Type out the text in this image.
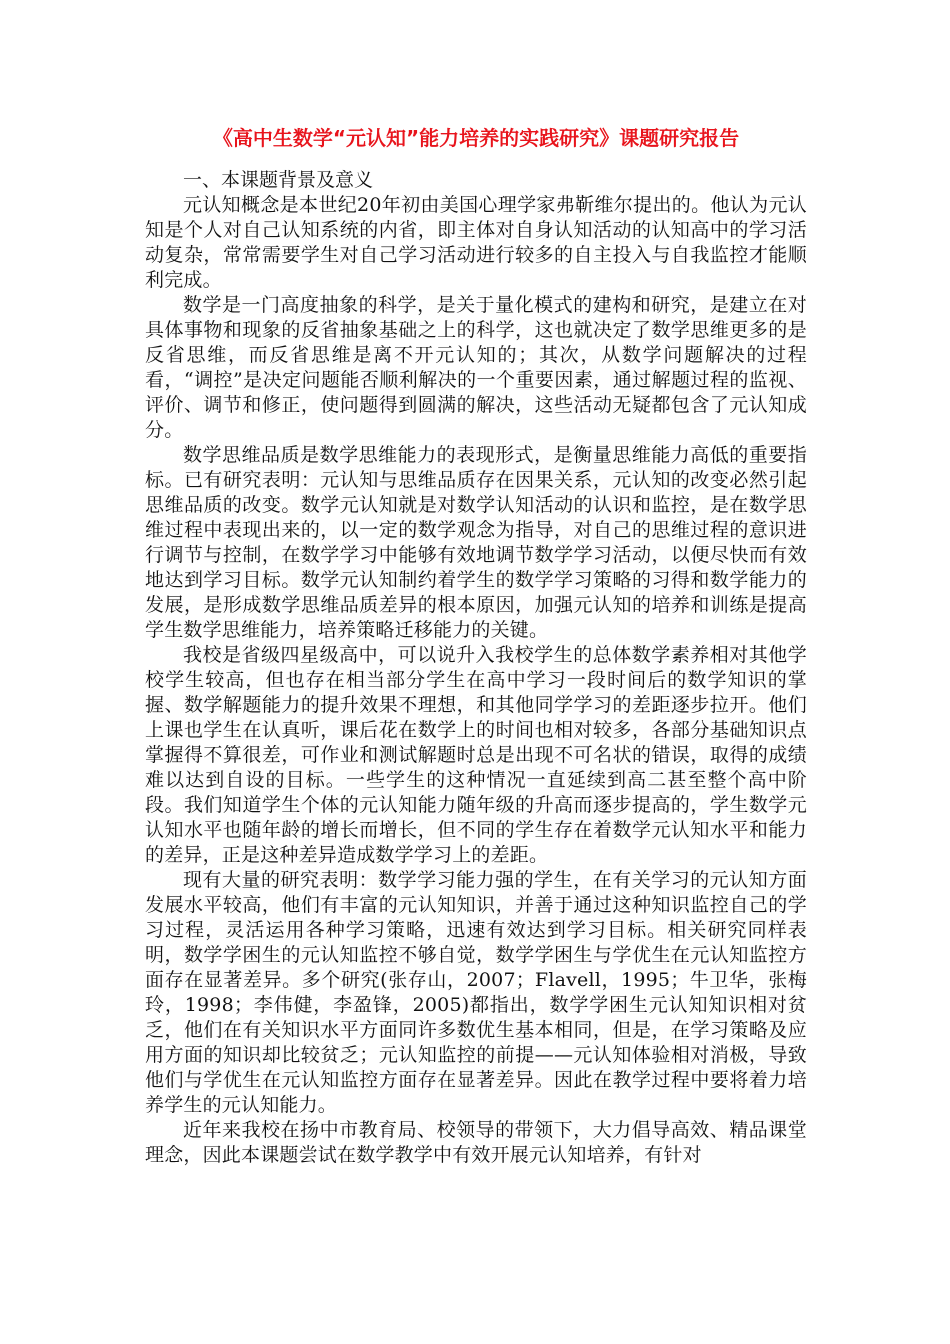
《高中生数学“元认知”能力培养的实践研究》课题研究报告

一、本课题背景及意义

元认知概念是本世纪20年初由美国心理学家弗靳维尔提出的。他认为元认知是个人对自己认知系统的内省，即主体对自身认知活动的认知高中的学习活动复杂，常常需要学生对自己学习活动进行较多的自主投入与自我监控才能顺利完成。

数学是一门高度抽象的科学，是关于量化模式的建构和研究，是建立在对具体事物和现象的反省抽象基础之上的科学，这也就决定了数学思维更多的是反省思维，而反省思维是离不开元认知的；其次，从数学问题解决的过程看，“调控”是决定问题能否顺利解决的一个重要因素，通过解题过程的监视、评价、调节和修正，使问题得到圆满的解决，这些活动无疑都包含了元认知成分。

数学思维品质是数学思维能力的表现形式，是衡量思维能力高低的重要指标。已有研究表明：元认知与思维品质存在因果关系，元认知的改变必然引起思维品质的改变。数学元认知就是对数学认知活动的认识和监控，是在数学思维过程中表现出来的，以一定的数学观念为指导，对自己的思维过程的意识进行调节与控制，在数学学习中能够有效地调节数学学习活动，以便尽快而有效地达到学习目标。数学元认知制约着学生的数学学习策略的习得和数学能力的发展，是形成数学思维品质差异的根本原因，加强元认知的培养和训练是提高学生数学思维能力，培养策略迁移能力的关键。

我校是省级四星级高中，可以说升入我校学生的总体数学素养相对其他学校学生较高，但也存在相当部分学生在高中学习一段时间后的数学知识的掌握、数学解题能力的提升效果不理想，和其他同学学习的差距逐步拉开。他们上课也学生在认真听，课后花在数学上的时间也相对较多，各部分基础知识点掌握得不算很差，可作业和测试解题时总是出现不可名状的错误，取得的成绩难以达到自设的目标。一些学生的这种情况一直延续到高二甚至整个高中阶段。我们知道学生个体的元认知能力随年级的升高而逐步提高的，学生数学元认知水平也随年龄的增长而增长，但不同的学生存在着数学元认知水平和能力的差异，正是这种差异造成数学学习上的差距。

现有大量的研究表明：数学学习能力强的学生，在有关学习的元认知方面发展水平较高，他们有丰富的元认知知识，并善于通过这种知识监控自己的学习过程，灵活运用各种学习策略，迅速有效达到学习目标。相关研究同样表明，数学学困生的元认知监控不够自觉，数学学困生与学优生在元认知监控方面存在显著差异。多个研究(张存山，2007；Flavell，1995；牛卫华，张梅玲，1998；李伟健，李盈锋，2005)都指出，数学学困生元认知知识相对贫乏，他们在有关知识水平方面同许多数优生基本相同，但是，在学习策略及应用方面的知识却比较贫乏；元认知监控的前提——元认知体验相对消极，导致他们与学优生在元认知监控方面存在显著差异。因此在教学过程中要将着力培养学生的元认知能力。

近年来我校在扬中市教育局、校领导的带领下，大力倡导高效、精品课堂理念，因此本课题尝试在数学教学中有效开展元认知培养，有针对
